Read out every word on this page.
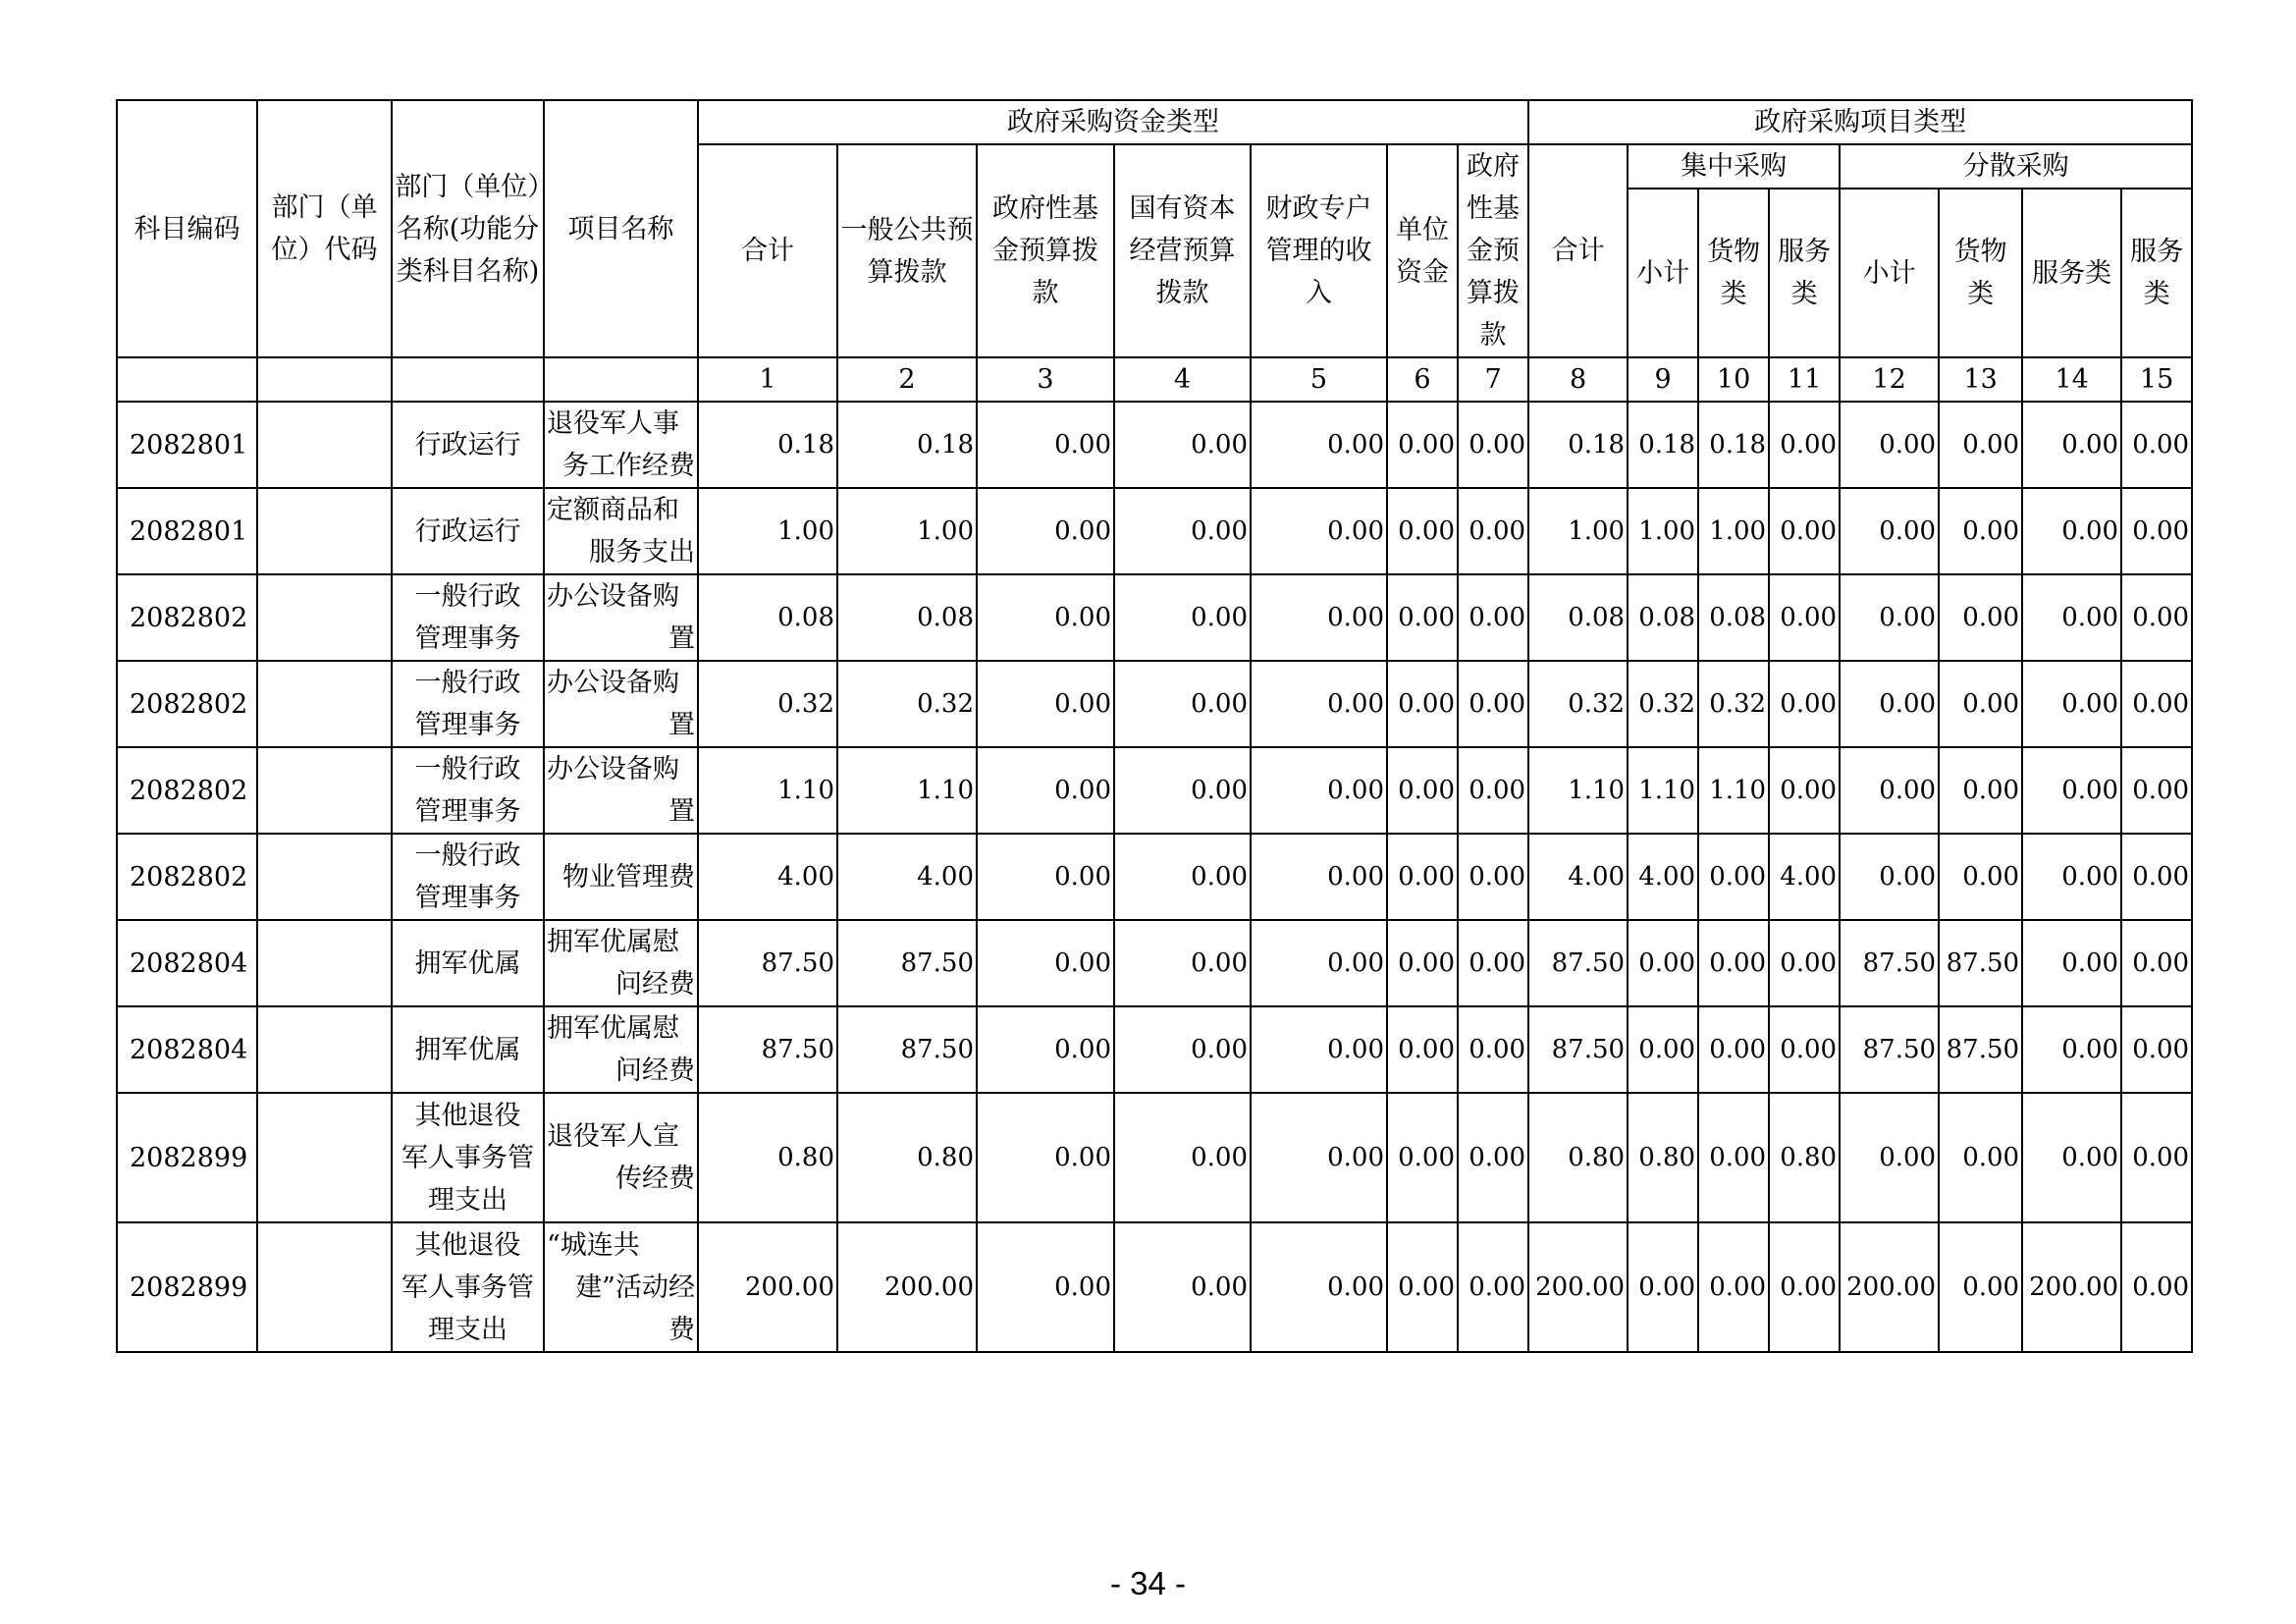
科目编码	部门（单位）代码	部门（单位）名称(功能分类科目名称)	项目名称	政府采购资金类型							政府采购项目类型							
				合计	一般公共预算拨款	政府性基金预算拨款	国有资本经营预算拨款	财政专户管理的收入	单位资金	政府性基金预算拨款	合计	集中采购			分散采购			
												小计	货物类	服务类	小计	货物类	服务类	服务类
				1	2	3	4	5	6	7	8	9	10	11	12	13	14	15
2082801		行政运行	退役军人事
务工作经费	0.18	0.18	0.00	0.00	0.00	0.00	0.00	0.18	0.18	0.18	0.00	0.00	0.00	0.00	0.00
2082801		行政运行	定额商品和
服务支出	1.00	1.00	0.00	0.00	0.00	0.00	0.00	1.00	1.00	1.00	0.00	0.00	0.00	0.00	0.00
2082802		一般行政
管理事务	办公设备购
置	0.08	0.08	0.00	0.00	0.00	0.00	0.00	0.08	0.08	0.08	0.00	0.00	0.00	0.00	0.00
2082802		一般行政
管理事务	办公设备购
置	0.32	0.32	0.00	0.00	0.00	0.00	0.00	0.32	0.32	0.32	0.00	0.00	0.00	0.00	0.00
2082802		一般行政
管理事务	办公设备购
置	1.10	1.10	0.00	0.00	0.00	0.00	0.00	1.10	1.10	1.10	0.00	0.00	0.00	0.00	0.00
2082802		一般行政
管理事务	物业管理费	4.00	4.00	0.00	0.00	0.00	0.00	0.00	4.00	4.00	0.00	4.00	0.00	0.00	0.00	0.00
2082804		拥军优属	拥军优属慰
问经费	87.50	87.50	0.00	0.00	0.00	0.00	0.00	87.50	0.00	0.00	0.00	87.50	87.50	0.00	0.00
2082804		拥军优属	拥军优属慰
问经费	87.50	87.50	0.00	0.00	0.00	0.00	0.00	87.50	0.00	0.00	0.00	87.50	87.50	0.00	0.00
2082899		其他退役
军人事务管
理支出	退役军人宣
传经费	0.80	0.80	0.00	0.00	0.00	0.00	0.00	0.80	0.80	0.00	0.80	0.00	0.00	0.00	0.00
2082899		其他退役
军人事务管
理支出	“城连共
建”活动经
费	200.00	200.00	0.00	0.00	0.00	0.00	0.00	200.00	0.00	0.00	0.00	200.00	0.00	200.00	0.00
- 34 -
